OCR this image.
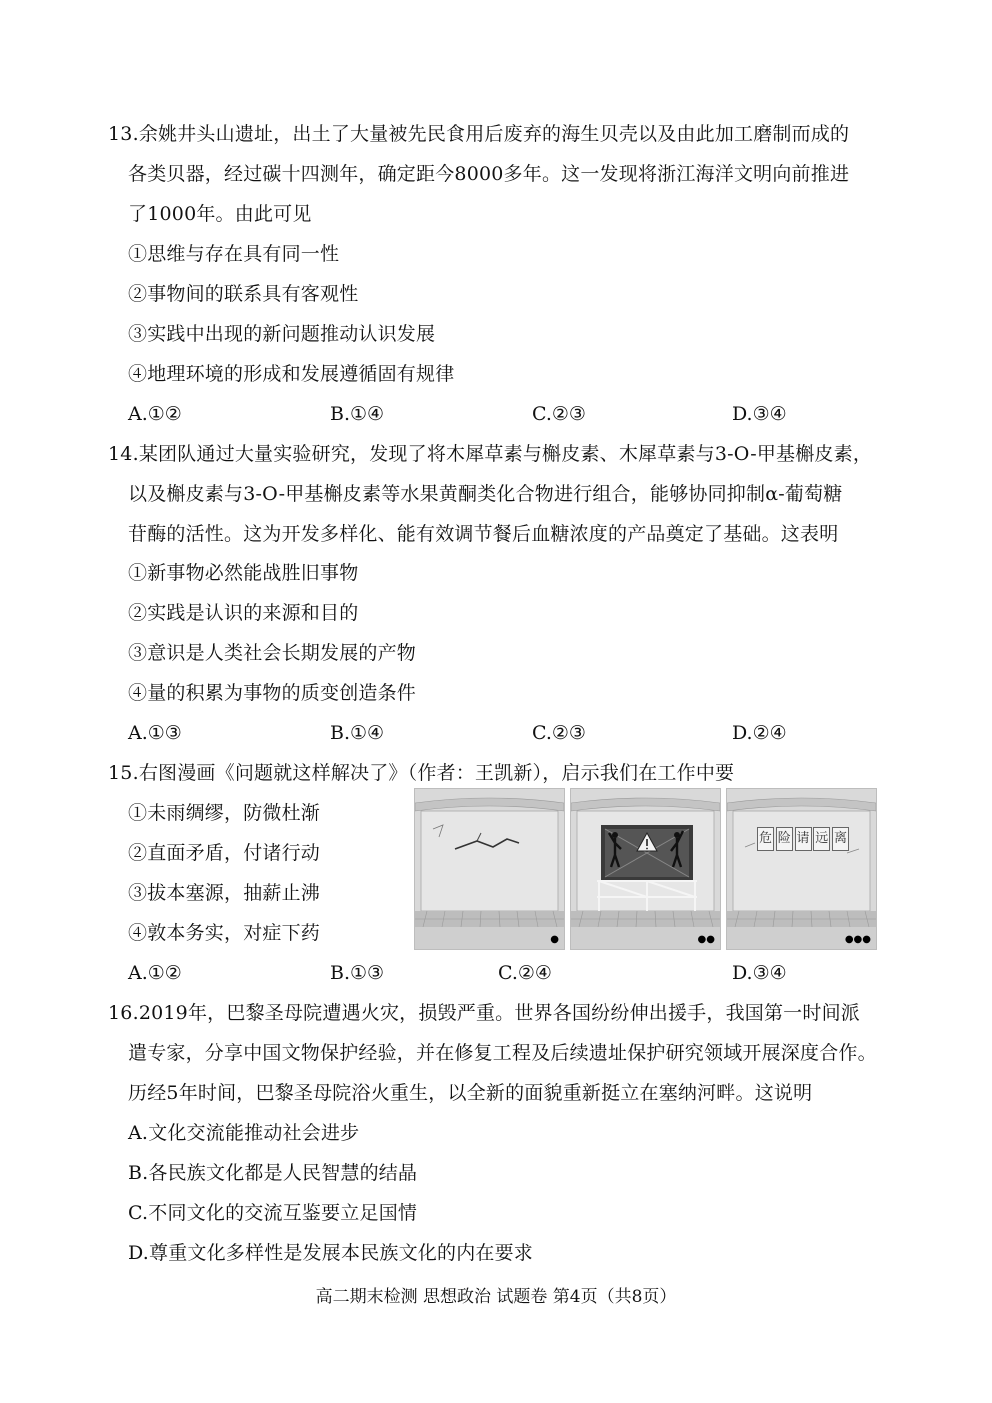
13.余姚井头山遗址，出土了大量被先民食用后废弃的海生贝壳以及由此加工磨制而成的
各类贝器，经过碳十四测年，确定距今8000多年。这一发现将浙江海洋文明向前推进
了1000年。由此可见
①思维与存在具有同一性
②事物间的联系具有客观性
③实践中出现的新问题推动认识发展
④地理环境的形成和发展遵循固有规律
A.①②	B.①④	C.②③	D.③④
14.某团队通过大量实验研究，发现了将木犀草素与槲皮素、木犀草素与3-O-甲基槲皮素，
以及槲皮素与3-O-甲基槲皮素等水果黄酮类化合物进行组合，能够协同抑制α-葡萄糖
苷酶的活性。这为开发多样化、能有效调节餐后血糖浓度的产品奠定了基础。这表明
①新事物必然能战胜旧事物
②实践是认识的来源和目的
③意识是人类社会长期发展的产物
④量的积累为事物的质变创造条件
A.①③	B.①④	C.②③	D.②④
15.右图漫画《问题就这样解决了》（作者：王凯新），启示我们在工作中要
①未雨绸缪，防微杜渐
②直面矛盾，付诸行动
③拔本塞源，抽薪止沸
④敦本务实，对症下药	●	●●
危 险 请 远 离
●●●
A.①②	B.①③	C.②④	D.③④
16.2019年，巴黎圣母院遭遇火灾，损毁严重。世界各国纷纷伸出援手，我国第一时间派
遣专家，分享中国文物保护经验，并在修复工程及后续遗址保护研究领域开展深度合作。
历经5年时间，巴黎圣母院浴火重生，以全新的面貌重新挺立在塞纳河畔。这说明
A.文化交流能推动社会进步
B.各民族文化都是人民智慧的结晶
C.不同文化的交流互鉴要立足国情
D.尊重文化多样性是发展本民族文化的内在要求
高二期末检测 思想政治 试题卷 第4页（共8页）
